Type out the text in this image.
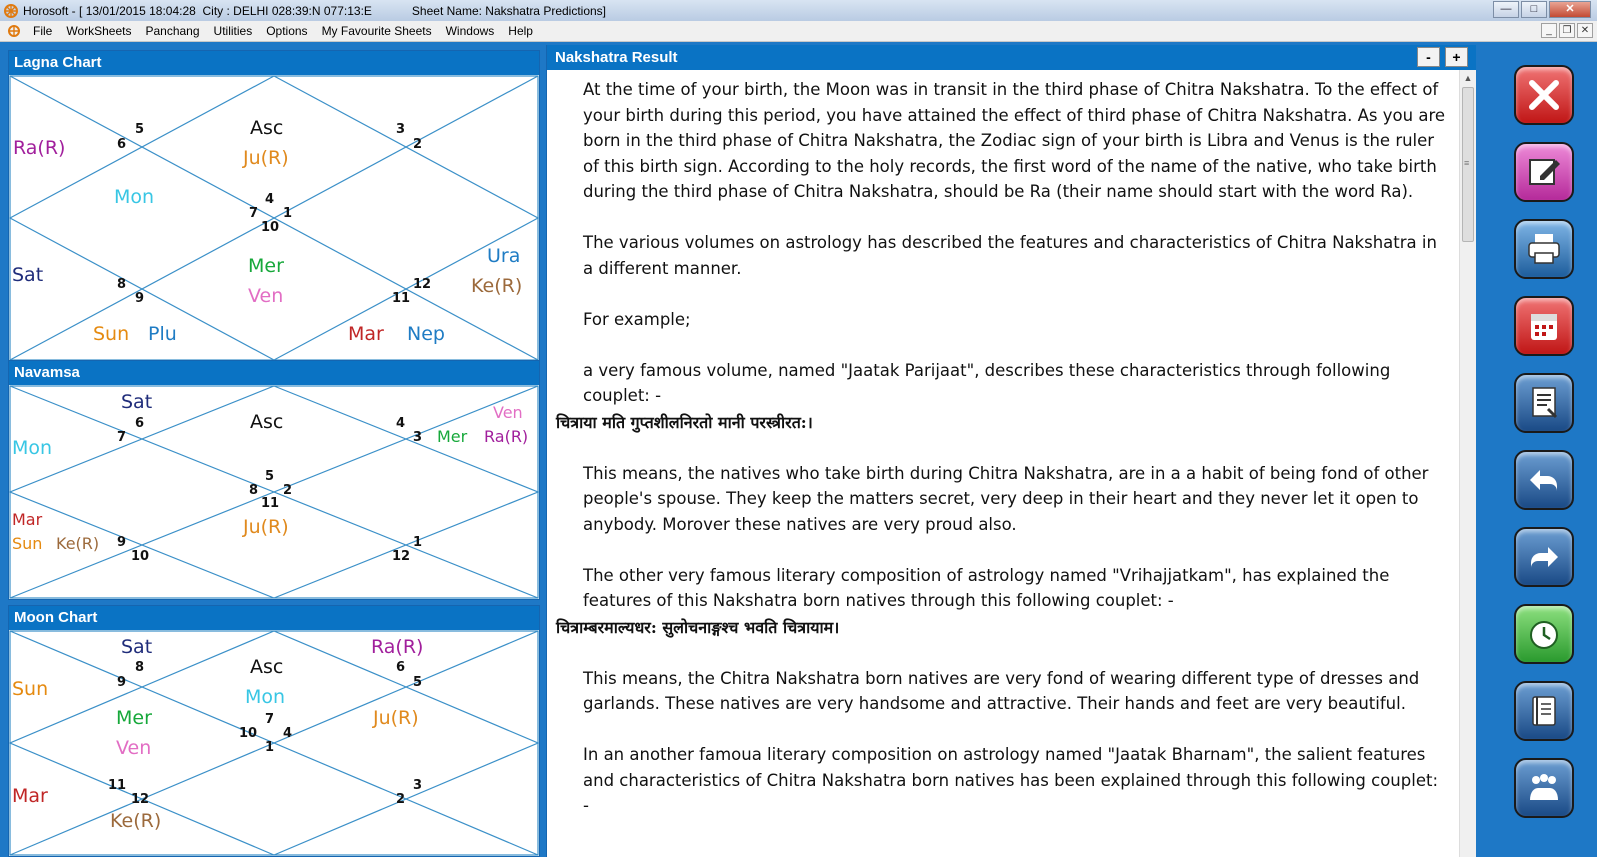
Horosoft - [ 13/01/2015 18:04:28 City : DELHI 028:39:N 077:13:E	Sheet Name: Nakshatra Predictions]	—	□	✕
File WorkSheets Panchang Utilities Options My Favourite Sheets Windows Help	_	❐ ✕
Lagna Chart
Ra(R)
Asc
Ju(R)
Mon
Sat	Mer
Ven
Ura
Ke(R)
Sun Plu	Mar Nep
5
6
3
2
4
7 1
10
8
9
12
11
Navamsa
Sat
Asc	Ven
Mer Ra(R)
Mon
Mar
Sun Ke(R)
Ju(R)
6
7
4
3
5
8 2
11
9
10
1
12
Moon Chart
Sat
Asc
Ra(R)
Sun	Mon
Mer	Ju(R)
Ven
Mar
Ke(R)
8
9
6
5
7
10 4
1
11
12
3
2
Nakshatra Result	-	+

At the time of your birth, the Moon was in transit in the third phase of Chitra Nakshatra. To the effect of your birth during this period, you have attained the effect of third phase of Chitra Nakshatra. As you are born in the third phase of Chitra Nakshatra, the Zodiac sign of your birth is Libra and Venus is the ruler of this birth sign. According to the holy records, the first word of the name of the native, who take birth during the third phase of Chitra Nakshatra, should be Ra (their name should start with the word Ra).

The various volumes on astrology has described the features and characteristics of Chitra Nakshatra in a different manner.

For example;

a very famous volume, named "Jaatak Parijaat", describes these characteristics through following couplet: -

चित्राया मति गुप्तशीलनिरतो मानी परस्त्रीरत:।

This means, the natives who take birth during Chitra Nakshatra, are in a a habit of being fond of other people's spouse. They keep the matters secret, very deep in their heart and they never let it open to anybody. Morover these natives are very proud also.

The other very famous literary composition of astrology named "Vrihajjatkam", has explained the features of this Nakshatra born natives through this following couplet: -

चित्राम्बरमाल्यधर: सुलोचनाङ्गश्च भवति चित्रायाम।

This means, the Chitra Nakshatra born natives are very fond of wearing different type of dresses and garlands. These natives are very handsome and attractive. Their hands and feet are very beautiful.

In an another famoua literary composition on astrology named "Jaatak Bharnam", the salient features and characteristics of Chitra Nakshatra born natives has been explained through this following couplet: -

▲
≡
